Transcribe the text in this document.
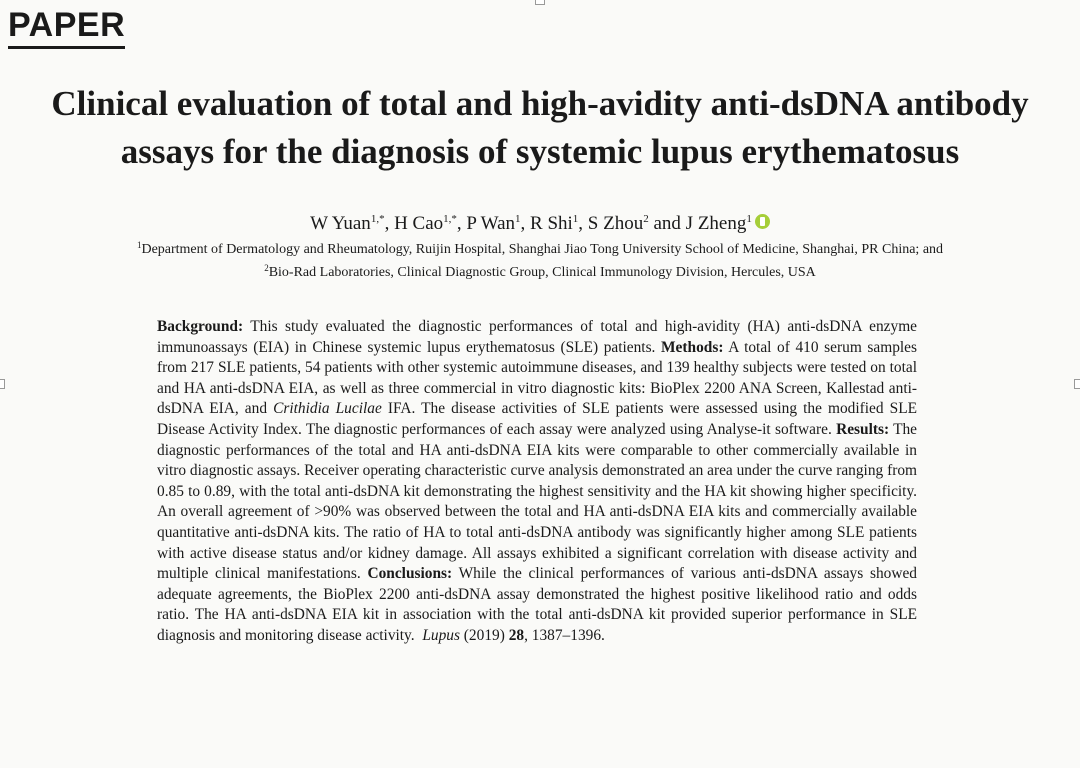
PAPER
Clinical evaluation of total and high-avidity anti-dsDNA antibody
assays for the diagnosis of systemic lupus erythematosus
W Yuan$^{1,*}$, H Cao$^{1,*}$, P Wan$^1$, R Shi$^1$, S Zhou$^2$ and J Zheng$^1$
$^1$Department of Dermatology and Rheumatology, Ruijin Hospital, Shanghai Jiao Tong University School of Medicine, Shanghai, PR China; and
$^2$Bio-Rad Laboratories, Clinical Diagnostic Group, Clinical Immunology Division, Hercules, USA
Background: This study evaluated the diagnostic performances of total and high-avidity (HA) anti-dsDNA enzyme immunoassays (EIA) in Chinese systemic lupus erythematosus (SLE) patients. Methods: A total of 410 serum samples from 217 SLE patients, 54 patients with other systemic autoimmune diseases, and 139 healthy subjects were tested on total and HA anti-dsDNA EIA, as well as three commercial in vitro diagnostic kits: BioPlex 2200 ANA Screen, Kallestad anti-dsDNA EIA, and Crithidia Lucilae IFA. The disease activities of SLE patients were assessed using the modified SLE Disease Activity Index. The diagnostic performances of each assay were analyzed using Analyse-it software. Results: The diagnostic performances of the total and HA anti-dsDNA EIA kits were comparable to other commercially available in vitro diagnostic assays. Receiver operating characteristic curve analysis demonstrated an area under the curve ranging from 0.85 to 0.89, with the total anti-dsDNA kit demonstrating the highest sensitivity and the HA kit showing higher specificity. An overall agreement of >90% was observed between the total and HA anti-dsDNA EIA kits and commercially available quantitative anti-dsDNA kits. The ratio of HA to total anti-dsDNA antibody was significantly higher among SLE patients with active disease status and/or kidney damage. All assays exhibited a significant correlation with disease activity and multiple clinical manifestations. Conclusions: While the clinical performances of various anti-dsDNA assays showed adequate agreements, the BioPlex 2200 anti-dsDNA assay demonstrated the highest positive likelihood ratio and odds ratio. The HA anti-dsDNA EIA kit in association with the total anti-dsDNA kit provided superior performance in SLE diagnosis and monitoring disease activity. Lupus (2019) 28, 1387–1396.
